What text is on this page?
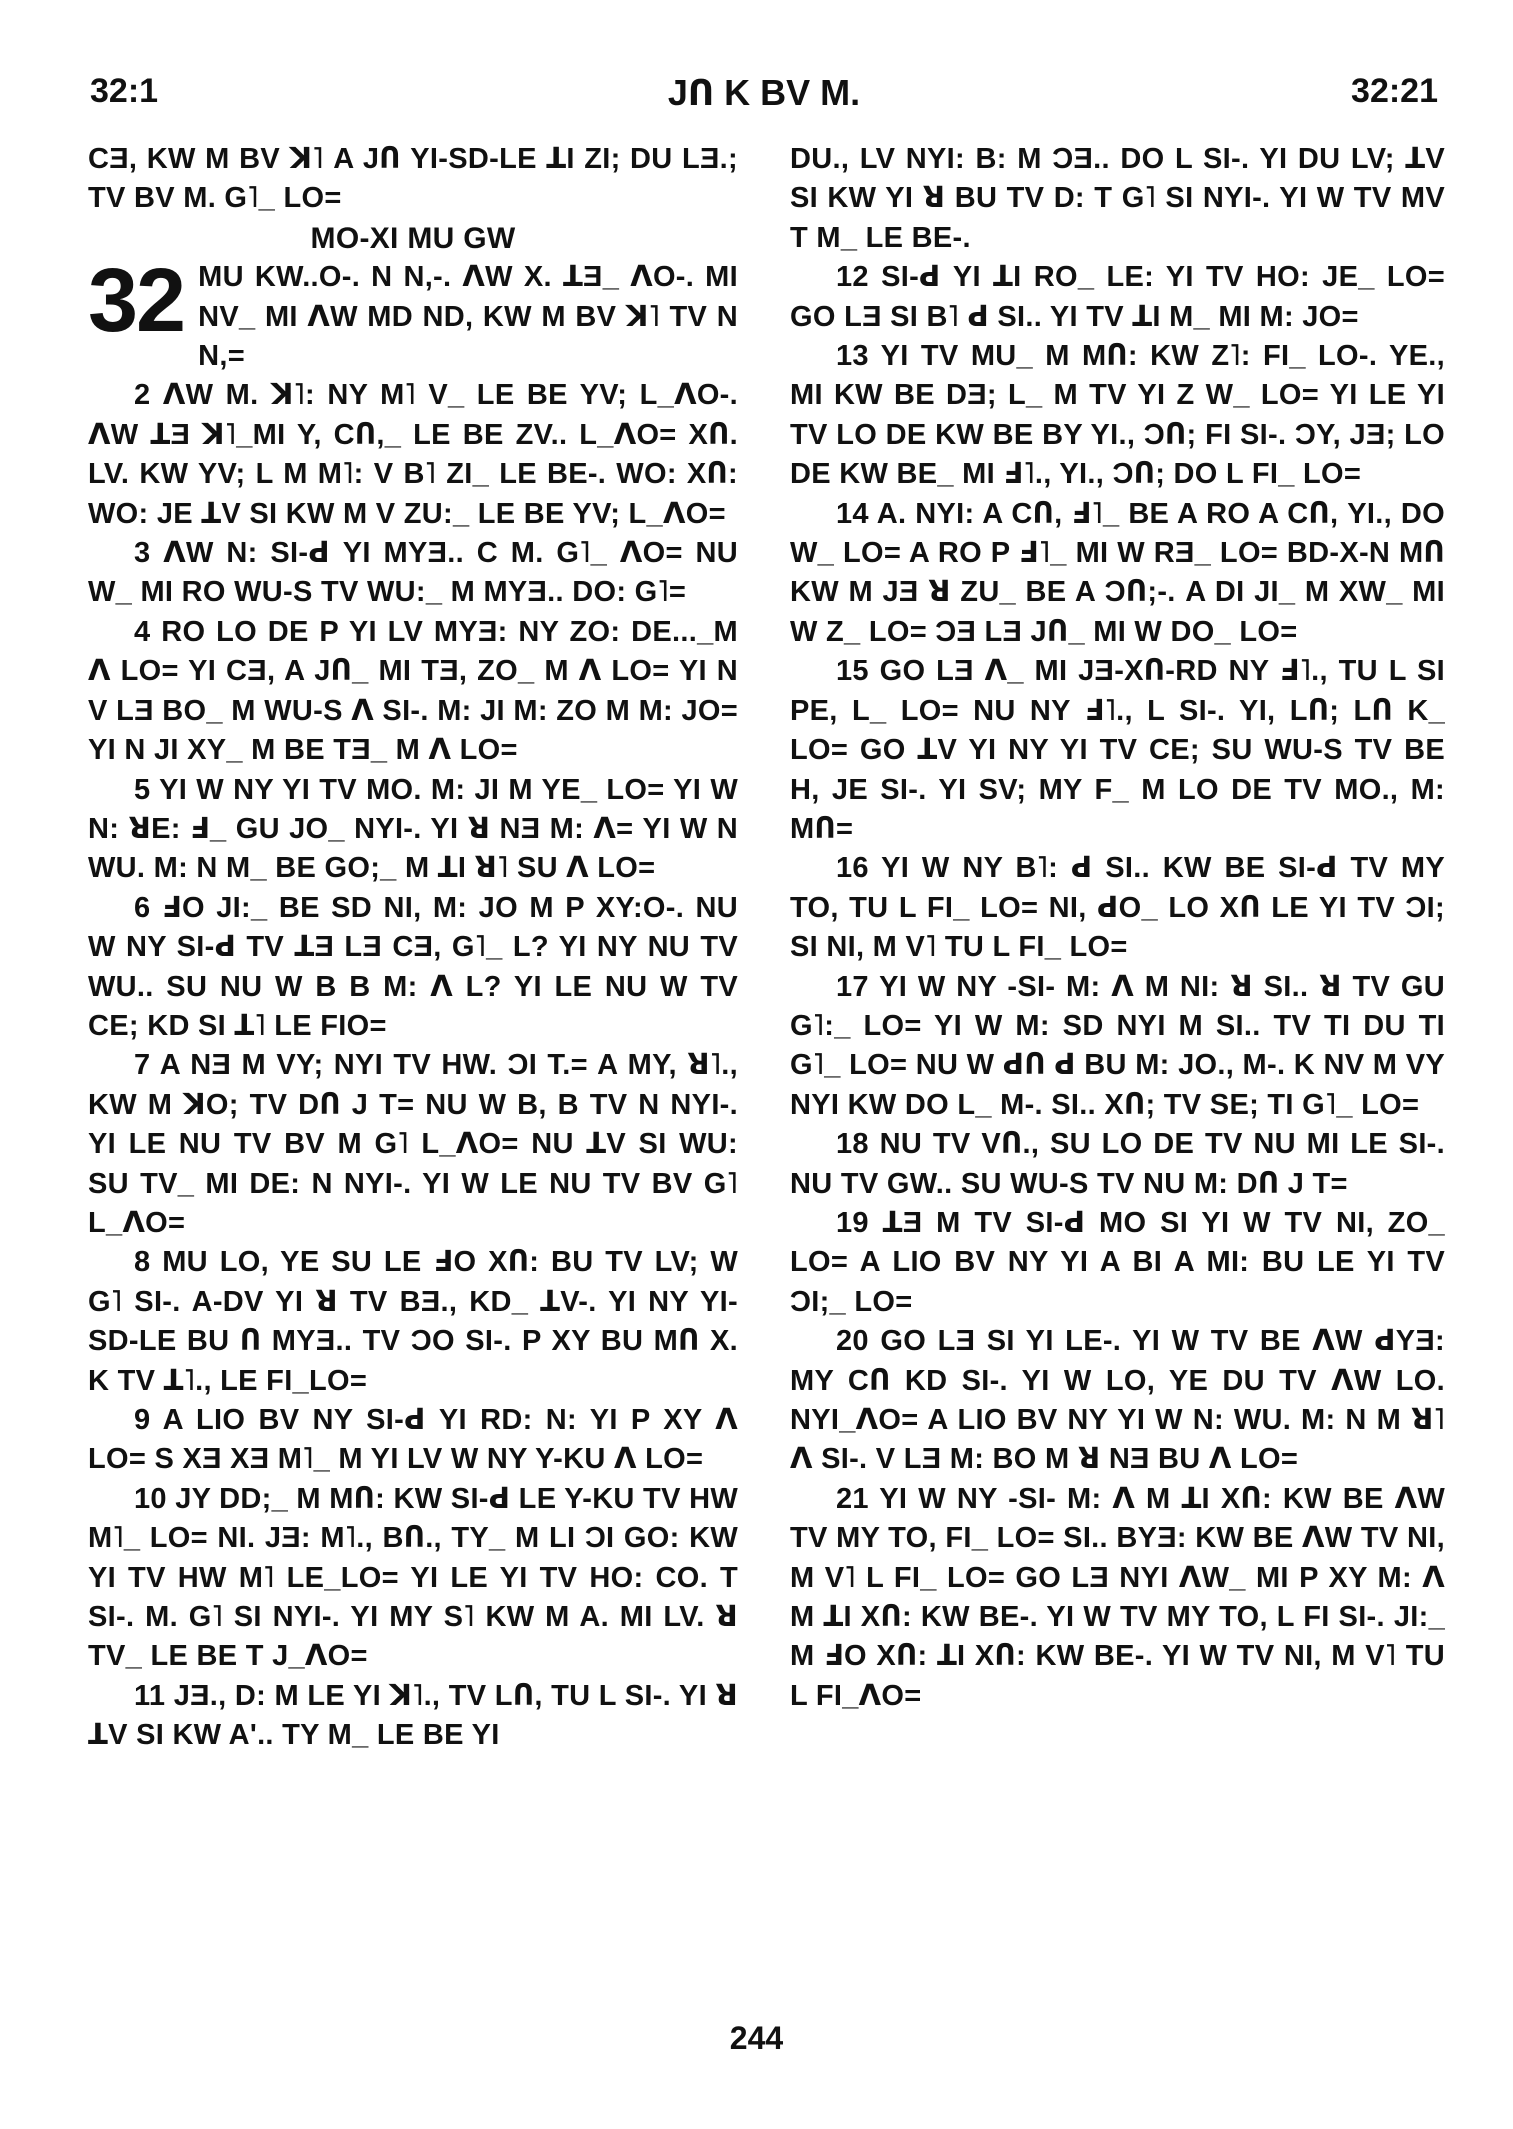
32:1	JՈ K BV M.	32:21

CƎ, KW M BV ꓘ˥ A JՈ YI-SD-LE ꓕI ZI; DU LƎ.; TV BV M. G˥_ LO=

MO-XI MU GW

32 MU KW..O-. N N,-. ꓥW X. ꓕƎ_ ꓥO-. MI NV_ MI ꓥW MD ND, KW M BV ꓘ˥ TV N N,=

2 ꓥW M. ꓘ˥: NY M˥ V_ LE BE YV; L_ꓥO-. ꓥW ꓕƎ ꓘ˥_MI Y, CՈ,_ LE BE ZV.. L_ꓥO= XՈ. LV. KW YV; L M M˥: V B˥ ZI_ LE BE-. WO: XՈ: WO: JE ꓕV SI KW M V ZU:_ LE BE YV; L_ꓥO=

3 ꓥW N: SI-ꓒ YI MYƎ.. C M. G˥_ ꓥO= NU W_ MI RO WU-S TV WU:_ M MYƎ.. DO: G˥=

4 RO LO DE P YI LV MYƎ: NY ZO: DE..._M ꓥ LO= YI CƎ, A JՈ_ MI TƎ, ZO_ M ꓥ LO= YI N V LƎ BO_ M WU-S ꓥ SI-. M: JI M: ZO M M: JO= YI N JI XY_ M BE TƎ_ M ꓥ LO=

5 YI W NY YI TV MO. M: JI M YE_ LO= YI W N: ꓤE: Ⅎ_ GU JO_ NYI-. YI ꓤ NƎ M: ꓥ= YI W N WU. M: N M_ BE GO;_ M ꓕI ꓤ˥ SU ꓥ LO=

6 ℲO JI:_ BE SD NI, M: JO M P XY:O-. NU W NY SI-ꓒ TV ꓕƎ LƎ CƎ, G˥_ L? YI NY NU TV WU.. SU NU W B B M: ꓥ L? YI LE NU W TV CE; KD SI ꓕ˥ LE FIO=

7 A NƎ M VY; NYI TV HW. ƆI T.= A MY, ꓤ˥., KW M ꓘO; TV DՈ J T= NU W B, B TV N NYI-. YI LE NU TV BV M G˥ L_ꓥO= NU ꓕV SI WU: SU TV_ MI DE: N NYI-. YI W LE NU TV BV G˥ L_ꓥO=

8 MU LO, YE SU LE ℲO XՈ: BU TV LV; W G˥ SI-. A-DV YI ꓤ TV BƎ., KD_ ꓕV-. YI NY YI-SD-LE BU Ո MYƎ.. TV ƆO SI-. P XY BU MՈ X. K TV ꓕ˥., LE FI_LO=

9 A LIO BV NY SI-ꓒ YI RD: N: YI P XY ꓥ LO= S XƎ XƎ M˥_ M YI LV W NY Y-KU ꓥ LO=

10 JY DD;_ M MՈ: KW SI-ꓒ LE Y-KU TV HW M˥_ LO= NI. JƎ: M˥., BՈ., TY_ M LI ƆI GO: KW YI TV HW M˥ LE_LO= YI LE YI TV HO: CO. T SI-. M. G˥ SI NYI-. YI MY S˥ KW M A. MI LV. ꓤ TV_ LE BE T J_ꓥO=

11 JƎ., D: M LE YI ꓘ˥., TV LՈ, TU L SI-. YI ꓤ ꓕV SI KW A'.. TY M_ LE BE YI

DU., LV NYI: B: M ƆƎ.. DO L SI-. YI DU LV; ꓕV SI KW YI ꓤ BU TV D: T G˥ SI NYI-. YI W TV MV T M_ LE BE-.

12 SI-ꓒ YI ꓕI RO_ LE: YI TV HO: JE_ LO= GO LƎ SI B˥ ꓒ SI.. YI TV ꓕI M_ MI M: JO=

13 YI TV MU_ M MՈ: KW Z˥: FI_ LO-. YE., MI KW BE DƎ; L_ M TV YI Z W_ LO= YI LE YI TV LO DE KW BE BY YI., ƆՈ; FI SI-. ƆY, JƎ; LO DE KW BE_ MI Ⅎ˥., YI., ƆՈ; DO L FI_ LO=

14 A. NYI: A CՈ, Ⅎ˥_ BE A RO A CՈ, YI., DO W_ LO= A RO P Ⅎ˥_ MI W RƎ_ LO= BD-X-N MՈ KW M JƎ ꓤ ZU_ BE A ƆՈ;-. A DI JI_ M XW_ MI W Z_ LO= ƆƎ LƎ JՈ_ MI W DO_ LO=

15 GO LƎ ꓥ_ MI JƎ-XՈ-RD NY Ⅎ˥., TU L SI PE, L_ LO= NU NY Ⅎ˥., L SI-. YI, LՈ; LՈ K_ LO= GO ꓕV YI NY YI TV CE; SU WU-S TV BE H, JE SI-. YI SV; MY F_ M LO DE TV MO., M: MՈ=

16 YI W NY B˥: ꓒ SI.. KW BE SI-ꓒ TV MY TO, TU L FI_ LO= NI, ꓒO_ LO XՈ LE YI TV ƆI; SI NI, M V˥ TU L FI_ LO=

17 YI W NY -SI- M: ꓥ M NI: ꓤ SI.. ꓤ TV GU G˥:_ LO= YI W M: SD NYI M SI.. TV TI DU TI G˥_ LO= NU W ꓒՈ ꓒ BU M: JO., M-. K NV M VY NYI KW DO L_ M-. SI.. XՈ; TV SE; TI G˥_ LO=

18 NU TV VՈ., SU LO DE TV NU MI LE SI-. NU TV GW.. SU WU-S TV NU M: DՈ J T=

19 ꓕƎ M TV SI-ꓒ MO SI YI W TV NI, ZO_ LO= A LIO BV NY YI A BI A MI: BU LE YI TV ƆI;_ LO=

20 GO LƎ SI YI LE-. YI W TV BE ꓥW ꓒYƎ: MY CՈ KD SI-. YI W LO, YE DU TV ꓥW LO. NYI_ꓥO= A LIO BV NY YI W N: WU. M: N M ꓤ˥ ꓥ SI-. V LƎ M: BO M ꓤ NƎ BU ꓥ LO=

21 YI W NY -SI- M: ꓥ M ꓕI XՈ: KW BE ꓥW TV MY TO, FI_ LO= SI.. BYƎ: KW BE ꓥW TV NI, M V˥ L FI_ LO= GO LƎ NYI ꓥW_ MI P XY M: ꓥ M ꓕI XՈ: KW BE-. YI W TV MY TO, L FI SI-. JI:_ M ℲO XՈ: ꓕI XՈ: KW BE-. YI W TV NI, M V˥ TU L FI_ꓥO=

244
